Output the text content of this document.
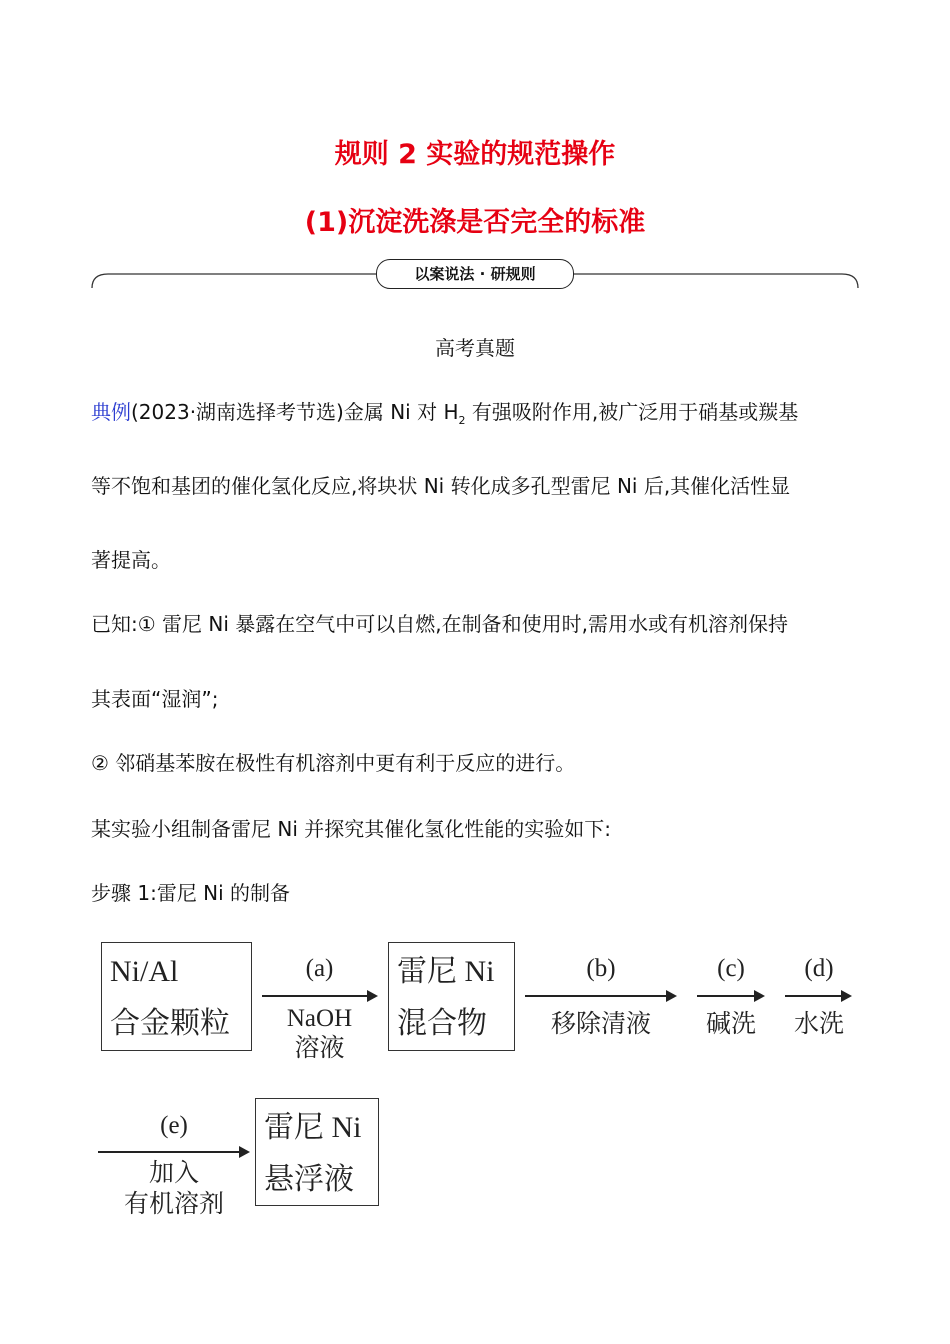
规则 2 实验的规范操作
(1)沉淀洗涤是否完全的标准
以案说法 · 研规则
高考真题
典例(2023·湖南选择考节选)金属 Ni 对 $H_2$ 有强吸附作用,被广泛用于硝基或羰基
等不饱和基团的催化氢化反应,将块状 Ni 转化成多孔型雷尼 Ni 后,其催化活性显
著提高。
已知:① 雷尼 Ni 暴露在空气中可以自燃,在制备和使用时,需用水或有机溶剂保持
其表面“湿润”;
② 邻硝基苯胺在极性有机溶剂中更有利于反应的进行。
某实验小组制备雷尼 Ni 并探究其催化氢化性能的实验如下:
步骤 1:雷尼 Ni 的制备
Ni/Al
合金颗粒
(a)
NaOH
溶液
雷尼 Ni
混合物
(b)
移除清液
(c)
碱洗
(d)
水洗
(e)
加入
有机溶剂
雷尼 Ni
悬浮液
